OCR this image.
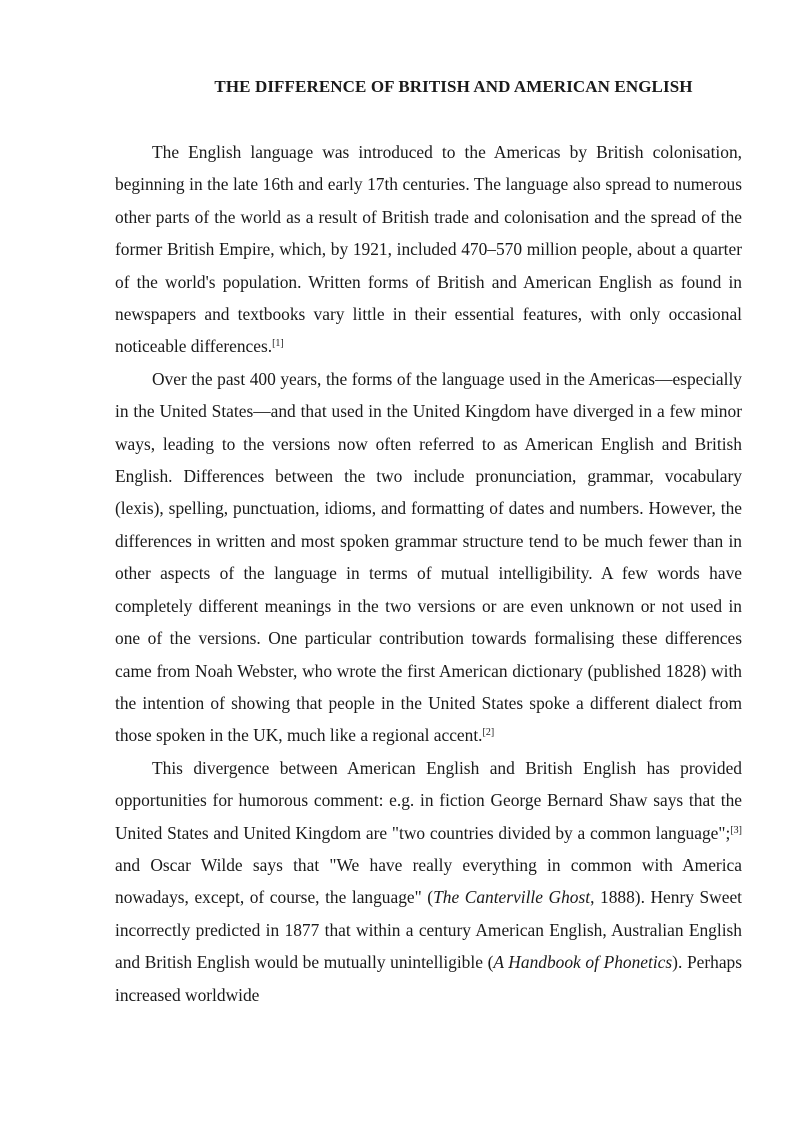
THE DIFFERENCE OF BRITISH AND AMERICAN ENGLISH

The English language was introduced to the Americas by British colonisation, beginning in the late 16th and early 17th centuries. The language also spread to numerous other parts of the world as a result of British trade and colonisation and the spread of the former British Empire, which, by 1921, included 470–570 million people, about a quarter of the world's population. Written forms of British and American English as found in newspapers and textbooks vary little in their essential features, with only occasional noticeable differences.[1]

Over the past 400 years, the forms of the language used in the Americas—especially in the United States—and that used in the United Kingdom have diverged in a few minor ways, leading to the versions now often referred to as American English and British English. Differences between the two include pronunciation, grammar, vocabulary (lexis), spelling, punctuation, idioms, and formatting of dates and numbers. However, the differences in written and most spoken grammar structure tend to be much fewer than in other aspects of the language in terms of mutual intelligibility. A few words have completely different meanings in the two versions or are even unknown or not used in one of the versions. One particular contribution towards formalising these differences came from Noah Webster, who wrote the first American dictionary (published 1828) with the intention of showing that people in the United States spoke a different dialect from those spoken in the UK, much like a regional accent.[2]

This divergence between American English and British English has provided opportunities for humorous comment: e.g. in fiction George Bernard Shaw says that the United States and United Kingdom are "two countries divided by a common language";[3] and Oscar Wilde says that "We have really everything in common with America nowadays, except, of course, the language" (The Canterville Ghost, 1888). Henry Sweet incorrectly predicted in 1877 that within a century American English, Australian English and British English would be mutually unintelligible (A Handbook of Phonetics). Perhaps increased worldwide
